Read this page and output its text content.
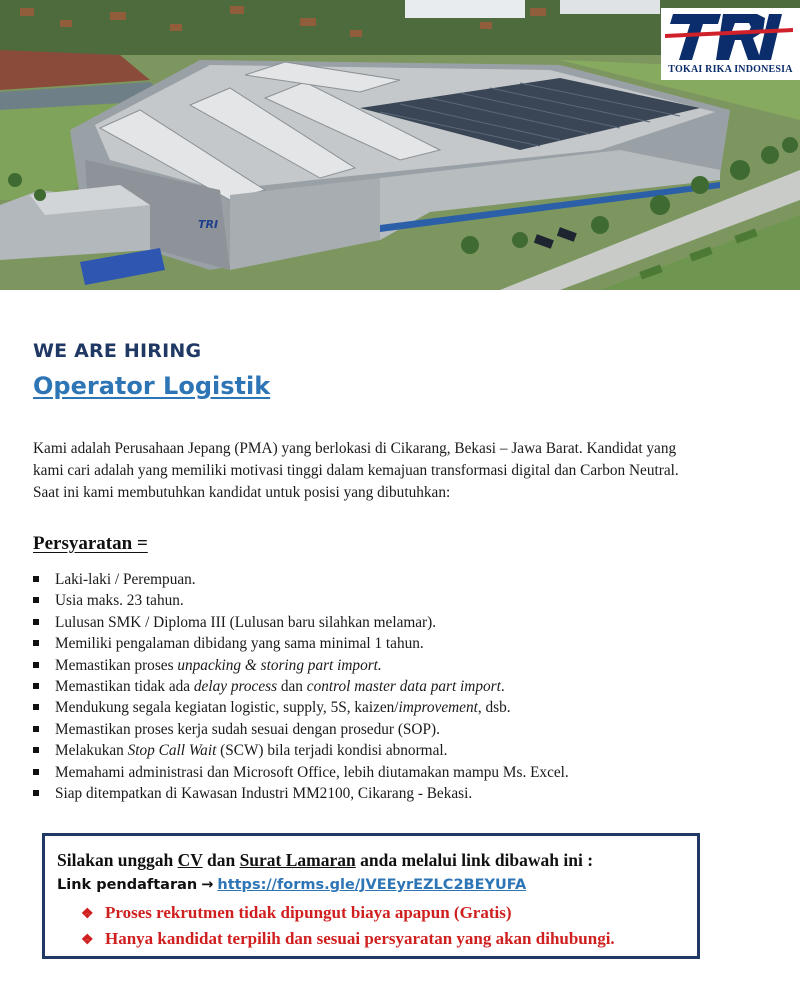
TRI
TOKAI RIKA INDONESIA
WE ARE HIRING
Operator Logistik
Kami adalah Perusahaan Jepang (PMA) yang berlokasi di Cikarang, Bekasi – Jawa Barat. Kandidat yang
kami cari adalah yang memiliki motivasi tinggi dalam kemajuan transformasi digital dan Carbon Neutral.
Saat ini kami membutuhkan kandidat untuk posisi yang dibutuhkan:
Persyaratan =
Laki-laki / Perempuan.
Usia maks. 23 tahun.
Lulusan SMK / Diploma III (Lulusan baru silahkan melamar).
Memiliki pengalaman dibidang yang sama minimal 1 tahun.
Memastikan proses unpacking & storing part import.
Memastikan tidak ada delay process dan control master data part import.
Mendukung segala kegiatan logistic, supply, 5S, kaizen/improvement, dsb.
Memastikan proses kerja sudah sesuai dengan prosedur (SOP).
Melakukan Stop Call Wait (SCW) bila terjadi kondisi abnormal.
Memahami administrasi dan Microsoft Office, lebih diutamakan mampu Ms. Excel.
Siap ditempatkan di Kawasan Industri MM2100, Cikarang - Bekasi.
Silakan unggah CV dan Surat Lamaran anda melalui link dibawah ini :
Link pendaftaran → https://forms.gle/JVEEyrEZLC2BEYUFA
❖ Proses rekrutmen tidak dipungut biaya apapun (Gratis)
❖ Hanya kandidat terpilih dan sesuai persyaratan yang akan dihubungi.
